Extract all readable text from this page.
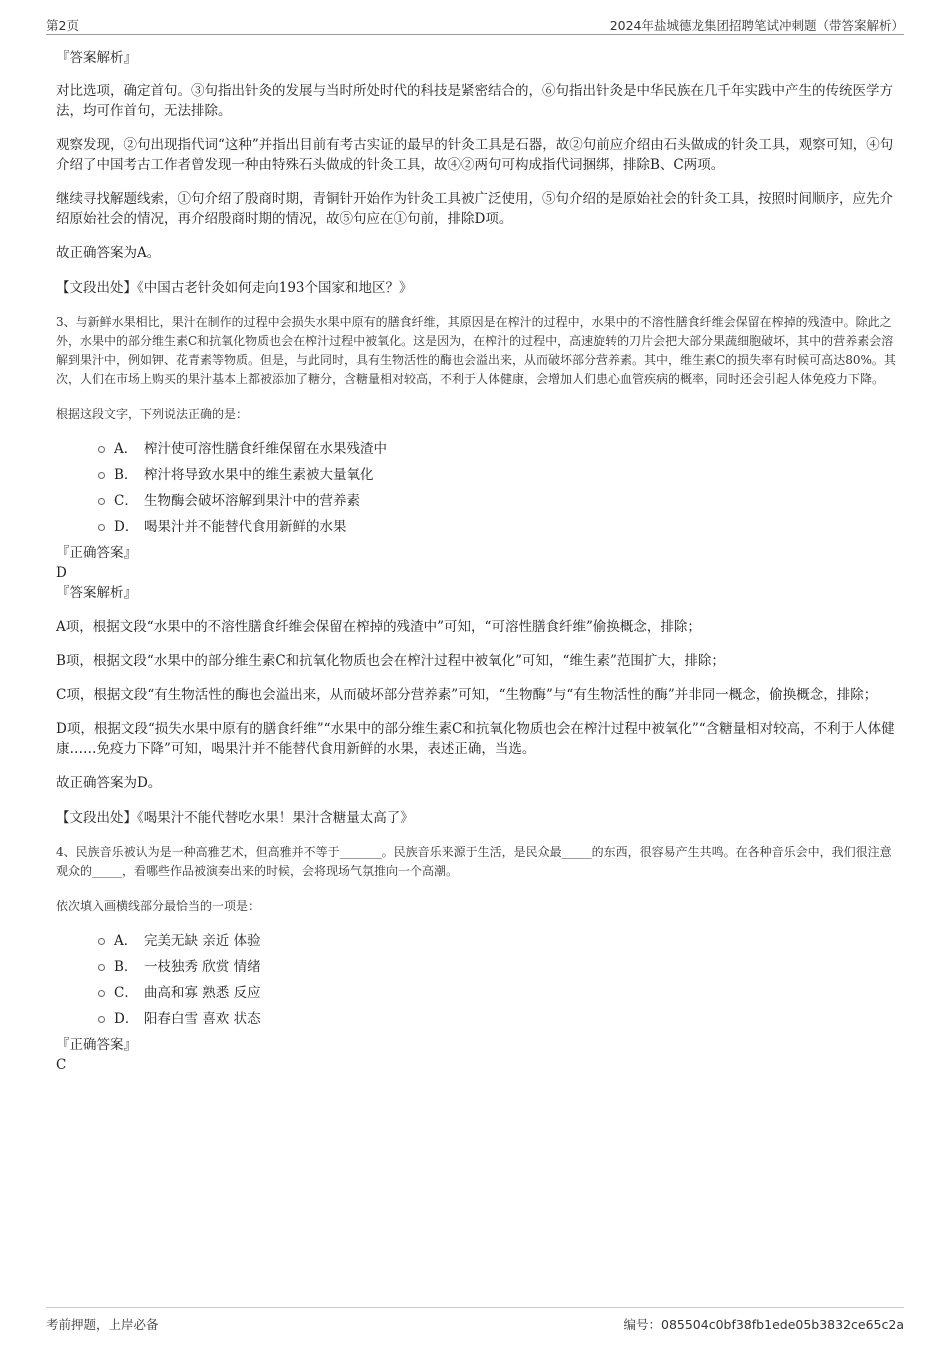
第2页	2024年盐城德龙集团招聘笔试冲刺题（带答案解析）

『答案解析』

对比选项，确定首句。③句指出针灸的发展与当时所处时代的科技是紧密结合的，⑥句指出针灸是中华民族在几千年实践中产生的传统医学方法，均可作首句，无法排除。

观察发现，②句出现指代词“这种”并指出目前有考古实证的最早的针灸工具是石器，故②句前应介绍由石头做成的针灸工具，观察可知，④句介绍了中国考古工作者曾发现一种由特殊石头做成的针灸工具，故④②两句可构成指代词捆绑，排除B、C两项。

继续寻找解题线索，①句介绍了殷商时期，青铜针开始作为针灸工具被广泛使用，⑤句介绍的是原始社会的针灸工具，按照时间顺序，应先介绍原始社会的情况，再介绍殷商时期的情况，故⑤句应在①句前，排除D项。

故正确答案为A。

【文段出处】《中国古老针灸如何走向193个国家和地区？》

3、与新鲜水果相比，果汁在制作的过程中会损失水果中原有的膳食纤维，其原因是在榨汁的过程中，水果中的不溶性膳食纤维会保留在榨掉的残渣中。除此之外，水果中的部分维生素C和抗氧化物质也会在榨汁过程中被氧化。这是因为，在榨汁的过程中，高速旋转的刀片会把大部分果蔬细胞破坏，其中的营养素会溶解到果汁中，例如钾、花青素等物质。但是，与此同时，具有生物活性的酶也会溢出来，从而破坏部分营养素。其中，维生素C的损失率有时候可高达80%。其次，人们在市场上购买的果汁基本上都被添加了糖分，含糖量相对较高，不利于人体健康，会增加人们患心血管疾病的概率，同时还会引起人体免疫力下降。

根据这段文字，下列说法正确的是：

A． 榨汁使可溶性膳食纤维保留在水果残渣中
B． 榨汁将导致水果中的维生素被大量氧化
C． 生物酶会破坏溶解到果汁中的营养素
D． 喝果汁并不能替代食用新鲜的水果

『正确答案』

D

『答案解析』

A项，根据文段“水果中的不溶性膳食纤维会保留在榨掉的残渣中”可知，“可溶性膳食纤维”偷换概念，排除；

B项，根据文段“水果中的部分维生素C和抗氧化物质也会在榨汁过程中被氧化”可知，“维生素”范围扩大，排除；

C项，根据文段“有生物活性的酶也会溢出来，从而破坏部分营养素”可知，“生物酶”与“有生物活性的酶”并非同一概念，偷换概念，排除；

D项，根据文段“损失水果中原有的膳食纤维”“水果中的部分维生素C和抗氧化物质也会在榨汁过程中被氧化”“含糖量相对较高，不利于人体健康……免疫力下降”可知，喝果汁并不能替代食用新鲜的水果，表述正确，当选。

故正确答案为D。

【文段出处】《喝果汁不能代替吃水果！果汁含糖量太高了》

4、民族音乐被认为是一种高雅艺术，但高雅并不等于_______。民族音乐来源于生活，是民众最_____的东西，很容易产生共鸣。在各种音乐会中，我们很注意观众的_____，看哪些作品被演奏出来的时候，会将现场气氛推向一个高潮。

依次填入画横线部分最恰当的一项是：

A． 完美无缺 亲近 体验
B． 一枝独秀 欣赏 情绪
C． 曲高和寡 熟悉 反应
D． 阳春白雪 喜欢 状态

『正确答案』

C

考前押题，上岸必备	编号：085504c0bf38fb1ede05b3832ce65c2a
